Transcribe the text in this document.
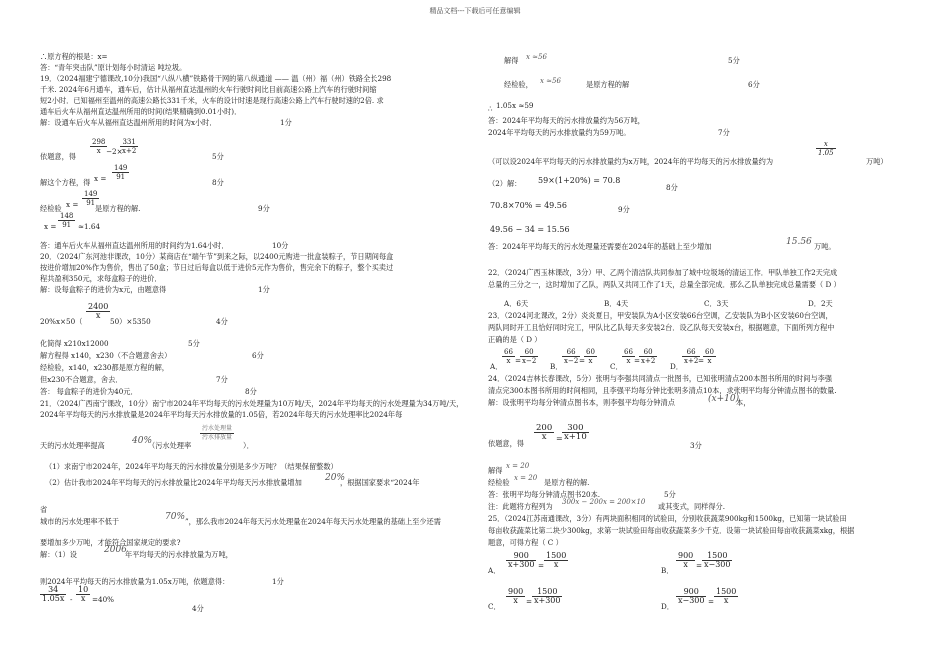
精品文档---下载后可任意编辑
∴原方程的根是：x=
答：“青年突击队”原计划每小时清运 吨垃圾。
19．（2024福建宁德课改,10分)我国“八纵八横”铁路骨干网的第八纵通道 —— 温（州）福（州）铁路全长298
千米. 2024年6月通车，通车后，估计从福州直达温州的火车行驶时间比目前高速公路上汽车的行驶时间缩
短2小时．已知福州至温州的高速公路长331千米，火车的设计时速是现行高速公路上汽车行驶时速的2倍. 求
通车后火车从福州直达温州所用的时间(结果精确到0.01小时)．
解：设通车后火车从福州直达温州所用的时间为x小时．	1分
依题意，得	5分
解这个方程，得	8分
经检验	是原方程的解.	9分
答：通车后火车从福州直达温州所用的时间约为1.64小时．	10分
20．（2024广东河池非课改，10分）某商店在“端午节”到来之际，以2400元购进一批盒装粽子，节日期间每盒
按进价增加20%作为售价，售出了50盒；节日过后每盒以低于进价5元作为售价，售完余下的粽子，整个买卖过
程共盈利350元，求每盒粽子的进价．
解：设每盒粽子的进价为x元，由题意得	1分
20%x×50（	50）×5350	4分
化简得 x210x12000	5分
解方程得 x140，x230（不合题意舍去）	6分
经检验，x140，x230都是原方程的解，
但x230不合题意，舍去．	7分
答： 每盒粽子的进价为40元．	8分
21．（2024广西南宁课改，10分）南宁市2024年平均每天的污水处理量为10万吨/天，2024年平均每天的污水处理量为34万吨/天，
2024年平均每天的污水排放量是2024年平均每天污水排放量的1.05倍，若2024年每天的污水处理率比2024年每
天的污水处理率提高	（污水处理率	）．
（1）求南宁市2024年，2024年平均每天的污水排放量分别是多少万吨？（结果保留整数）
（2）估计我市2024年平均每天的污水排放量比2024年平均每天污水排放量增加	，根据国家要求“2024年
省
城市的污水处理率不低于	”，那么我市2024年每天污水处理量在2024年每天污水处理量的基础上至少还需
要增加多少万吨，才能符合国家规定的要求?
解：（1）设	年平均每天的污水排放量为万吨，
则2024年平均每天的污水排放量为1.05x万吨，依题意得：	1分
4分
解得	5分
经检验，	是原方程的解	6分
∴
答：2024年平均每天的污水排放量约为56万吨，
2024年平均每天的污水排放量约为59万吨。	7分
（可以设2024年平均每天的污水排放量约为x万吨，2024年的平均每天的污水排放量约为	万吨）
（2）解：	8分
9分
答：2024年平均每天的污水处理量还需要在2024年的基础上至少增加	万吨。
22．（2024广西玉林课改，3分）甲、乙两个清洁队共同参加了城中垃圾场的清运工作．甲队单独工作2天完成
总量的三分之一，这时增加了乙队，两队又共同工作了1天，总量全部完成．那么乙队单独完成总量需要（ D ）
A．6天	B．4天	C．3天	D．2天
23．（2024河北课改，2分）炎炎夏日，甲安装队为A小区安装66台空调，乙安装队为B小区安装60台空调，
两队同时开工且恰好同时完工，甲队比乙队每天多安装2台．设乙队每天安装x台，根据题意，下面所列方程中
正确的是（ D ）
A．	B．	C．	D．
24．（2024吉林长春课改，5分）张明与李强共同清点一批图书，已知张明清点200本图书所用的时间与李强
清点完300本图书所用的时间相同，且李强平均每分钟比张明多清点10本，求张明平均每分钟清点图书的数量.
解：设张明平均每分钟清点图书本，则李强平均每分钟清点	本，
依题意，得	3分
解得
经检验	是原方程的解.
答：张明平均每分钟清点图书20本.	5分
注：此题将方程列为	或其变式，同样得分.
25．（2024江苏南通课改，3分）有两块面积相同的试验田，分别收获蔬菜900kg和1500kg，已知第一块试验田
每亩收获蔬菜比第二块少300kg，求第一块试验田每亩收获蔬菜多少千克．设第一块试验田每亩收获蔬菜xkg，根据
题意，可得方程（ C ）
A．	B．
C．	D．
$\frac{298}{x}$
−2×
$\frac{331}{x+2}$
$x = \frac{149}{91}$
$x = \frac{149}{91}$
$x = \frac{148}{91} \approx 1.64$
$\frac{2400}{x}$
40%
污水处理量
污水排放量
20%
70%
2006
$\frac{34}{1.05x} - \frac{10}{x} =40\%$
x ≈56
x ≈56
1.05x ≈59
$\frac{x}{1.05}$
59×(1+20%) = 70.8
70.8×70% = 49.56
49.56 − 34 = 15.56
15.56
$\frac{66}{x}$ =
$\frac{60}{x-2}$	$\frac{66}{x-2}$
=
$\frac{60}{x}$	$\frac{66}{x}$ =
$\frac{60}{x+2}$	$\frac{66}{x+2}$
=
$\frac{60}{x}$
(x+10)
$\frac{200}{x} = \frac{300}{x+10}$
x = 20
x = 20
300x − 200x = 200×10
$\frac{900}{x+300} = \frac{1500}{x}$	$\frac{900}{x} = \frac{1500}{x-300}$
$\frac{900}{x} = \frac{1500}{x+300}$	$\frac{900}{x-300} = \frac{1500}{x}$
